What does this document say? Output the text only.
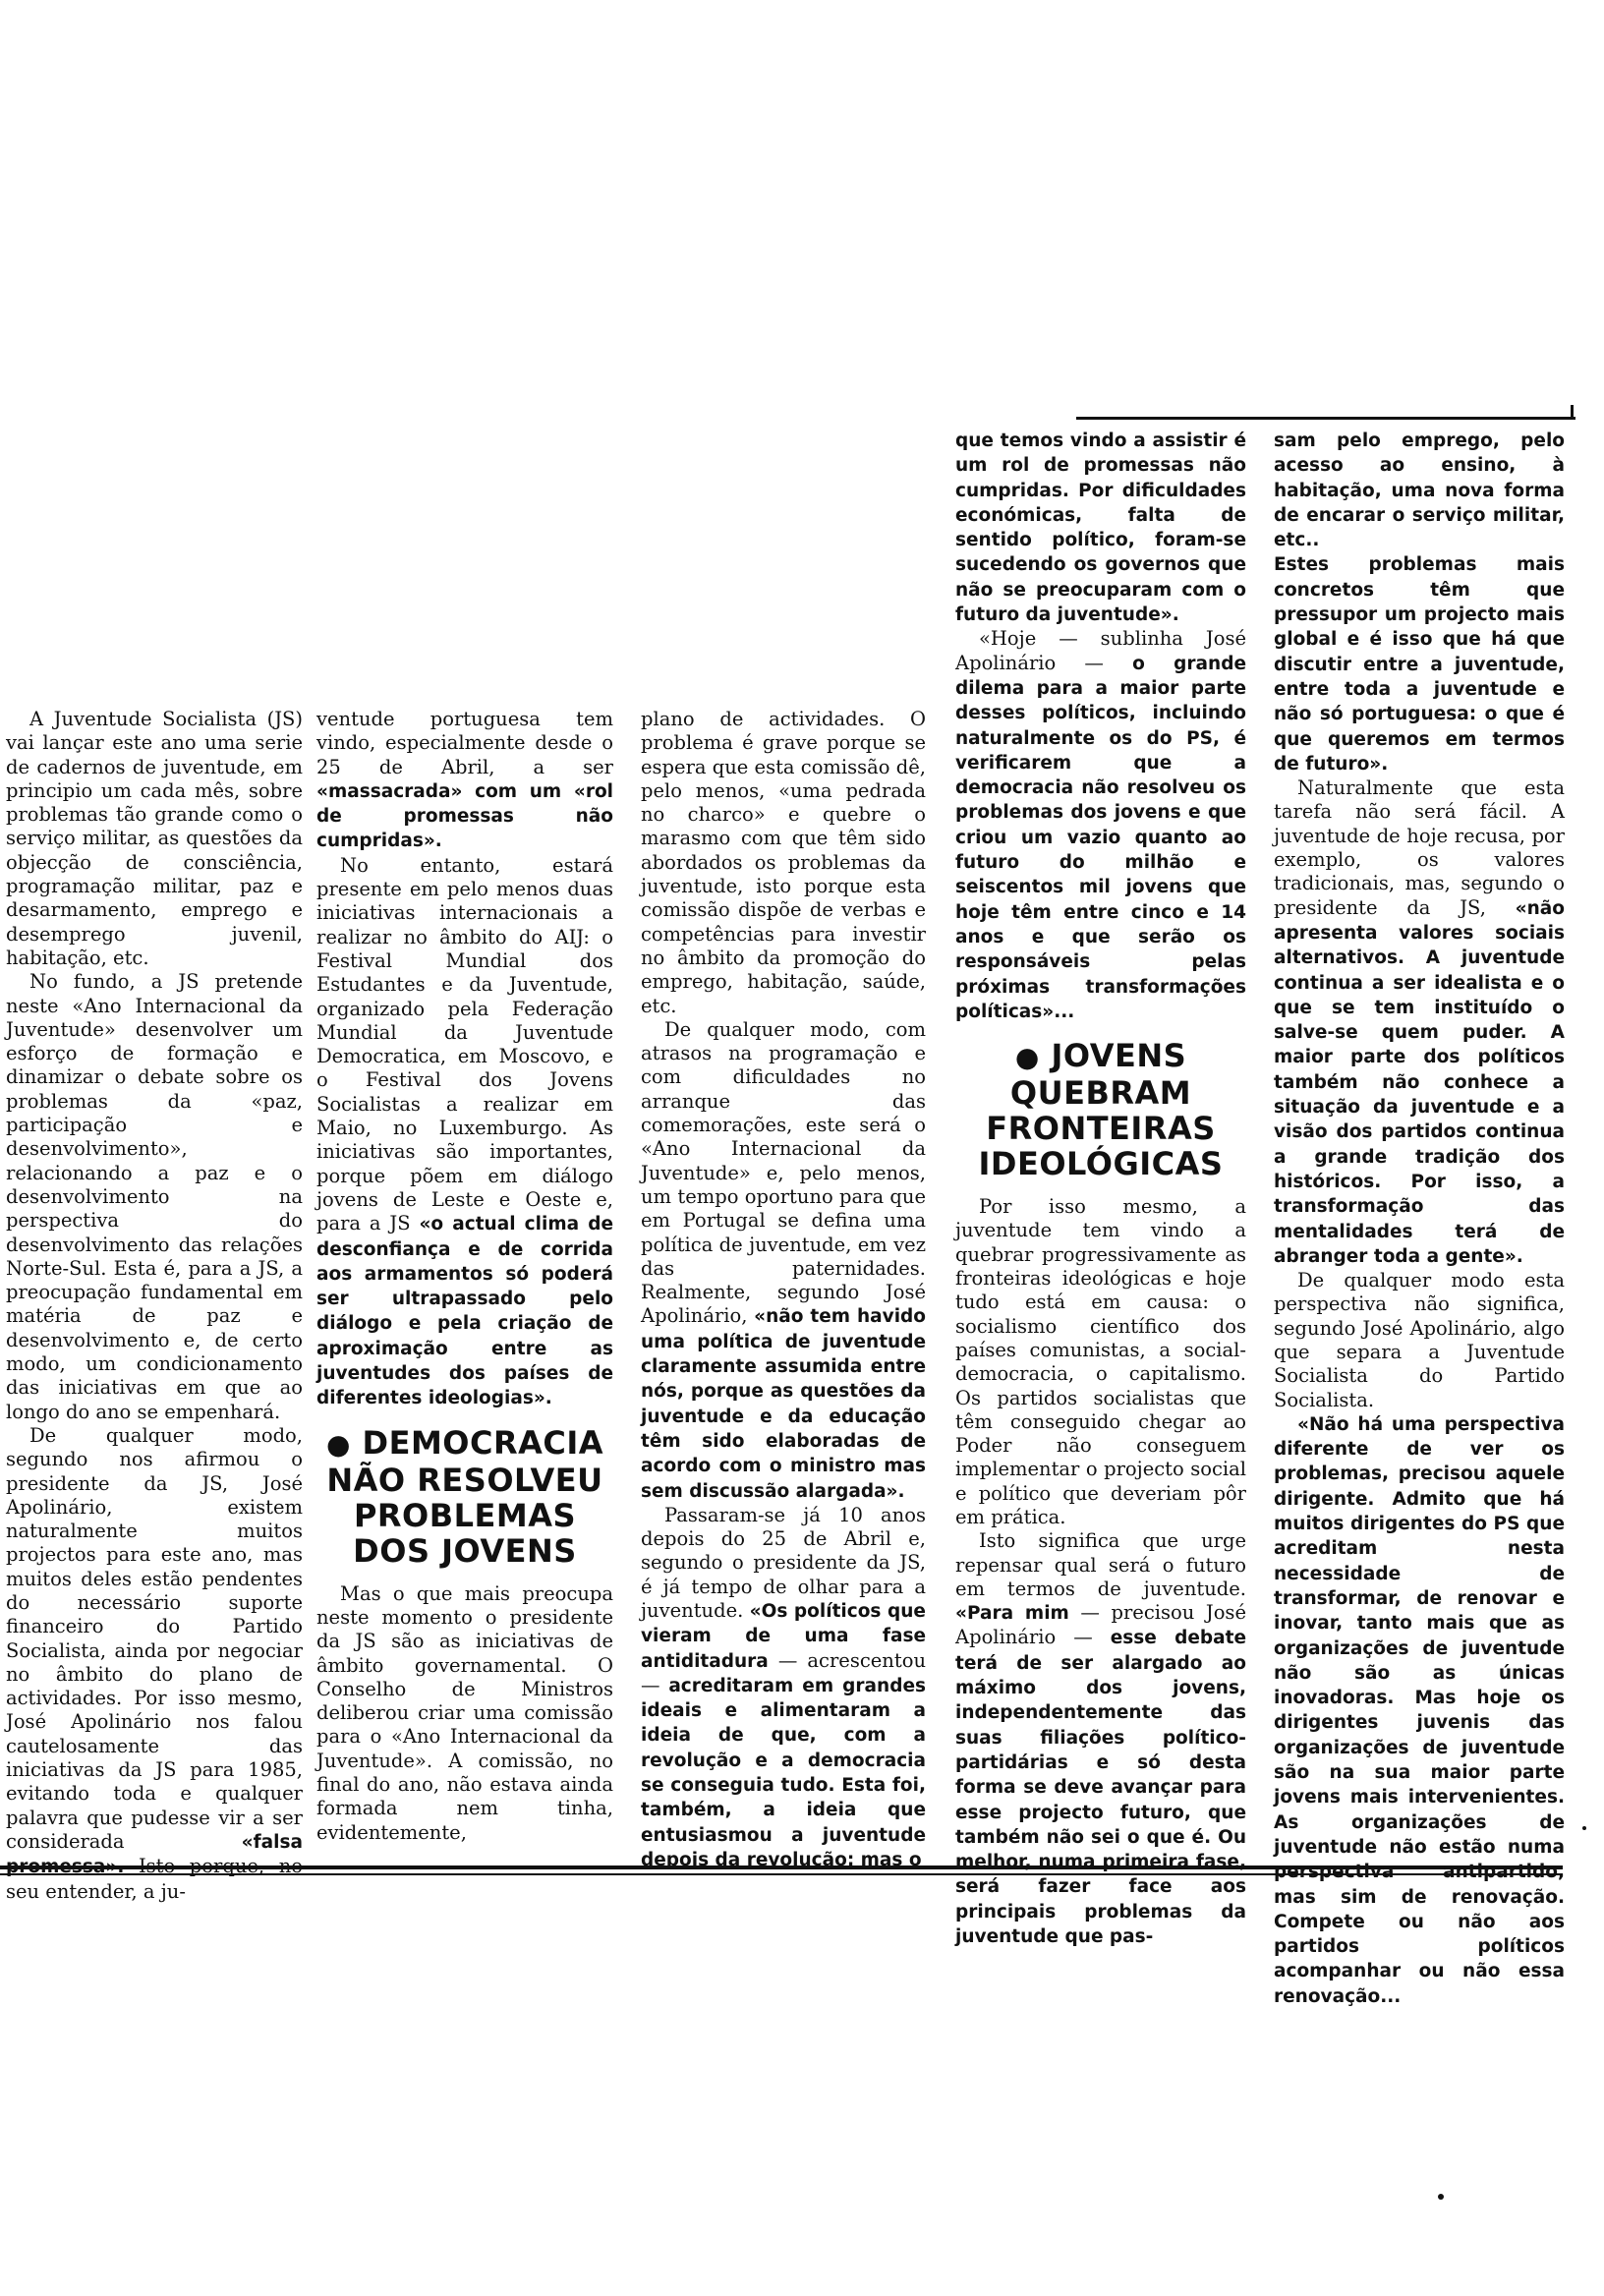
A Juventude Socialista (JS) vai lançar este ano uma serie de cadernos de juventude, em principio um cada mês, sobre problemas tão grande como o serviço militar, as questões da objecção de consciência, programação militar, paz e desarmamento, emprego e desemprego juvenil, habitação, etc.

No fundo, a JS pretende neste «Ano Internacional da Juventude» desenvolver um esforço de formação e dinamizar o debate sobre os problemas da «paz, participação e desenvolvimento», relacionando a paz e o desenvolvimento na perspectiva do desenvolvimento das relações Norte-Sul. Esta é, para a JS, a preocupação fundamental em matéria de paz e desenvolvimento e, de certo modo, um condicionamento das iniciativas em que ao longo do ano se empenhará.

De qualquer modo, segundo nos afirmou o presidente da JS, José Apolinário, existem naturalmente muitos projectos para este ano, mas muitos deles estão pendentes do necessário suporte financeiro do Partido Socialista, ainda por negociar no âmbito do plano de actividades. Por isso mesmo, José Apolinário nos falou cautelosamente das iniciativas da JS para 1985, evitando toda e qualquer palavra que pudesse vir a ser considerada «falsa promessa». Isto porque, no seu entender, a ju-

ventude portuguesa tem vindo, especialmente desde o 25 de Abril, a ser «massacrada» com um «rol de promessas não cumpridas».

No entanto, estará presente em pelo menos duas iniciativas internacionais a realizar no âmbito do AIJ: o Festival Mundial dos Estudantes e da Juventude, organizado pela Federação Mundial da Juventude Democratica, em Moscovo, e o Festival dos Jovens Socialistas a realizar em Maio, no Luxemburgo. As iniciativas são importantes, porque põem em diálogo jovens de Leste e Oeste e, para a JS «o actual clima de desconfiança e de corrida aos armamentos só poderá ser ultrapassado pelo diálogo e pela criação de aproximação entre as juventudes dos países de diferentes ideologias».

● DEMOCRACIA NÃO RESOLVEU PROBLEMAS DOS JOVENS

Mas o que mais preocupa neste momento o presidente da JS são as iniciativas de âmbito governamental. O Conselho de Ministros deliberou criar uma comissão para o «Ano Internacional da Juventude». A comissão, no final do ano, não estava ainda formada nem tinha, evidentemente,

plano de actividades. O problema é grave porque se espera que esta comissão dê, pelo menos, «uma pedrada no charco» e quebre o marasmo com que têm sido abordados os problemas da juventude, isto porque esta comissão dispõe de verbas e competências para investir no âmbito da promoção do emprego, habitação, saúde, etc.

De qualquer modo, com atrasos na programação e com dificuldades no arranque das comemorações, este será o «Ano Internacional da Juventude» e, pelo menos, um tempo oportuno para que em Portugal se defina uma política de juventude, em vez das paternidades. Realmente, segundo José Apolinário, «não tem havido uma política de juventude claramente assumida entre nós, porque as questões da juventude e da educação têm sido elaboradas de acordo com o ministro mas sem discussão alargada».

Passaram-se já 10 anos depois do 25 de Abril e, segundo o presidente da JS, é já tempo de olhar para a juventude. «Os políticos que vieram de uma fase antiditadura — acrescentou — acreditaram em grandes ideais e alimentaram a ideia de que, com a revolução e a democracia se conseguia tudo. Esta foi, também, a ideia que entusiasmou a juventude depois da revolução: mas o

que temos vindo a assistir é um rol de promessas não cumpridas. Por dificuldades económicas, falta de sentido político, foram-se sucedendo os governos que não se preocuparam com o futuro da juventude».

«Hoje — sublinha José Apolinário — o grande dilema para a maior parte desses políticos, incluindo naturalmente os do PS, é verificarem que a democracia não resolveu os problemas dos jovens e que criou um vazio quanto ao futuro do milhão e seiscentos mil jovens que hoje têm entre cinco e 14 anos e que serão os responsáveis pelas próximas transformações políticas»...

● JOVENS QUEBRAM FRONTEIRAS IDEOLÓGICAS

Por isso mesmo, a juventude tem vindo a quebrar progressivamente as fronteiras ideológicas e hoje tudo está em causa: o socialismo científico dos países comunistas, a social-democracia, o capitalismo. Os partidos socialistas que têm conseguido chegar ao Poder não conseguem implementar o projecto social e político que deveriam pôr em prática.

Isto significa que urge repensar qual será o futuro em termos de juventude. «Para mim — precisou José Apolinário — esse debate terá de ser alargado ao máximo dos jovens, independentemente das suas filiações político-partidárias e só desta forma se deve avançar para esse projecto futuro, que também não sei o que é. Ou melhor, numa primeira fase, será fazer face aos principais problemas da juventude que pas-

sam pelo emprego, pelo acesso ao ensino, à habitação, uma nova forma de encarar o serviço militar, etc..

Estes problemas mais concretos têm que pressupor um projecto mais global e é isso que há que discutir entre a juventude, entre toda a juventude e não só portuguesa: o que é que queremos em termos de futuro».

Naturalmente que esta tarefa não será fácil. A juventude de hoje recusa, por exemplo, os valores tradicionais, mas, segundo o presidente da JS, «não apresenta valores sociais alternativos. A juventude continua a ser idealista e o que se tem instituído o salve-se quem puder. A maior parte dos políticos também não conhece a situação da juventude e a visão dos partidos continua a grande tradição dos históricos. Por isso, a transformação das mentalidades terá de abranger toda a gente».

De qualquer modo esta perspectiva não significa, segundo José Apolinário, algo que separa a Juventude Socialista do Partido Socialista.

«Não há uma perspectiva diferente de ver os problemas, precisou aquele dirigente. Admito que há muitos dirigentes do PS que acreditam nesta necessidade de transformar, de renovar e inovar, tanto mais que as organizações de juventude não são as únicas inovadoras. Mas hoje os dirigentes juvenis das organizações de juventude são na sua maior parte jovens mais intervenientes. As organizações de juventude não estão numa perspectiva antipartido, mas sim de renovação. Compete ou não aos partidos políticos acompanhar ou não essa renovação...
